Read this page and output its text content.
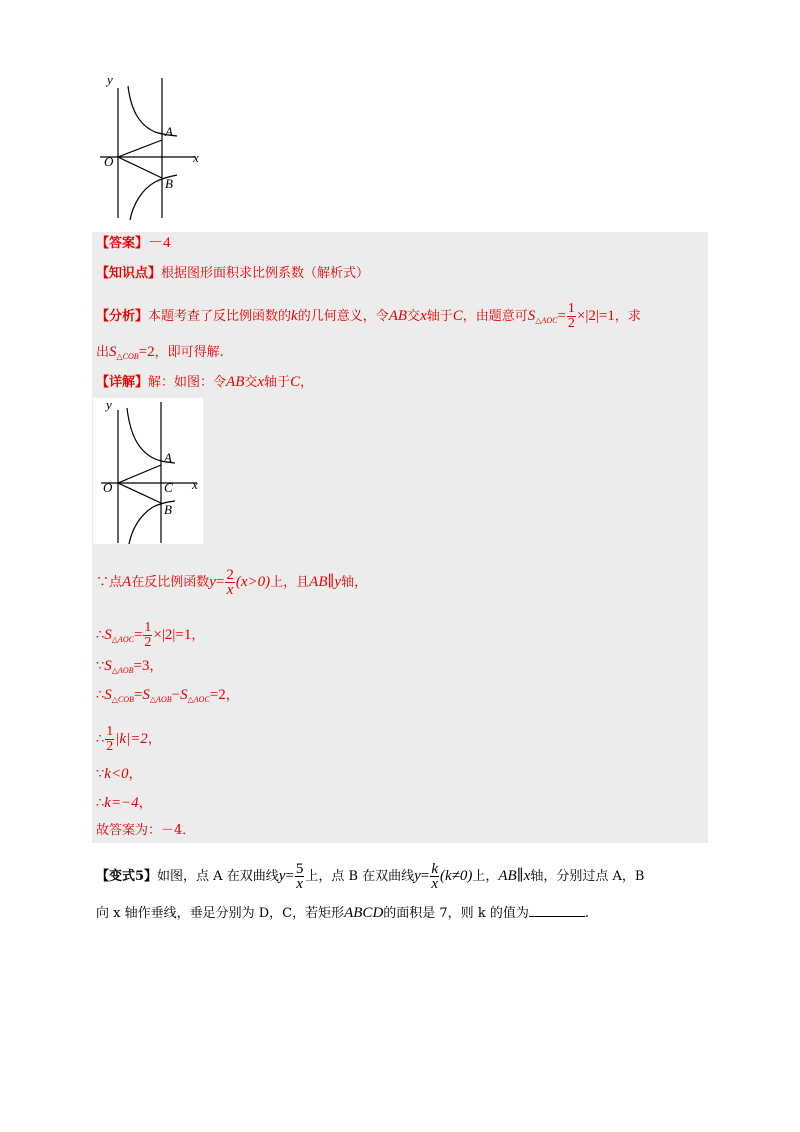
y
x
O
A
B
【答案】－4
【知识点】根据图形面积求比例系数（解析式）
【分析】本题考查了反比例函数的k的几何意义，令AB交x轴于C，由题意可$S_{\triangle AOC}= \frac{1}{2} \times|2|=1$，求
出$S_{\triangle COB}=2$，即可得解.
【详解】解：如图：令AB交x轴于C，
y
x
O
A
C
B
∵点A在反比例函数$y= \frac{2}{x} (x>0)$上，且AB∥y轴，
$\therefore S_{\triangle AOC}= \frac{1}{2} \times|2|=1$，
$\because S_{\triangle AOB}=3$，
$\therefore S_{\triangle COB}=S_{\triangle AOB}-S_{\triangle AOC}=2$，
∴ $\frac{1}{2} |k|=2$，
∵k<0，
∴k=−4，
故答案为：－4．
【变式5】如图，点 A 在双曲线$y= \frac{5}{x}$ 上，点 B 在双曲线$y= \frac{k}{x} (k\ne 0)$上，AB∥x轴，分别过点 A，B
向 x 轴作垂线，垂足分别为 D，C，若矩形ABCD的面积是 7，则 k 的值为	.
